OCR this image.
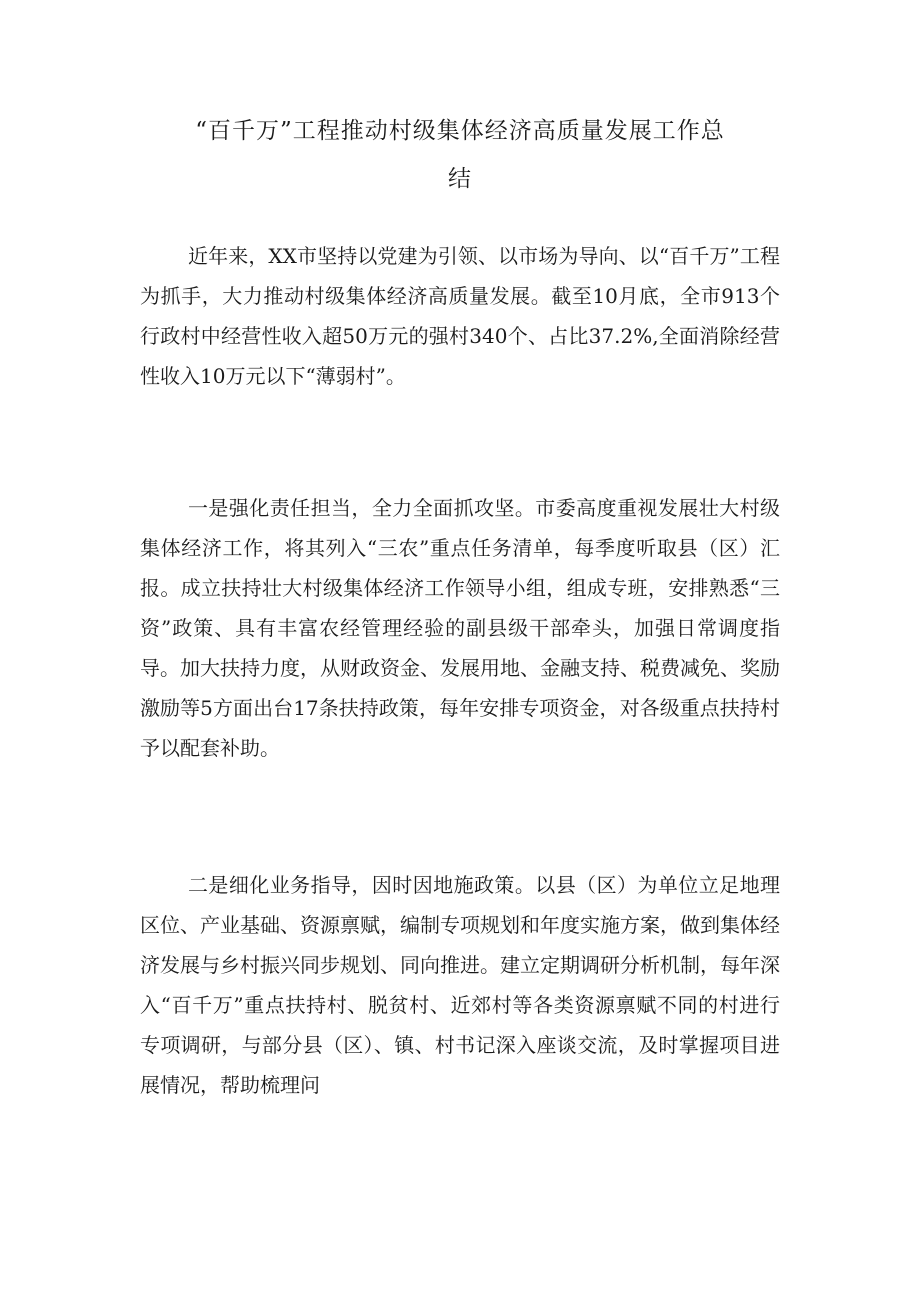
“百千万”工程推动村级集体经济高质量发展工作总
结

近年来，XX市坚持以党建为引领、以市场为导向、以“百千万”工程为抓手，大力推动村级集体经济高质量发展。截至10月底，全市913个行政村中经营性收入超50万元的强村340个、占比37.2%,全面消除经营性收入10万元以下“薄弱村”。

一是强化责任担当，全力全面抓攻坚。市委高度重视发展壮大村级集体经济工作，将其列入“三农”重点任务清单，每季度听取县（区）汇报。成立扶持壮大村级集体经济工作领导小组，组成专班，安排熟悉“三资”政策、具有丰富农经管理经验的副县级干部牵头，加强日常调度指导。加大扶持力度，从财政资金、发展用地、金融支持、税费减免、奖励激励等5方面出台17条扶持政策，每年安排专项资金，对各级重点扶持村予以配套补助。

二是细化业务指导，因时因地施政策。以县（区）为单位立足地理区位、产业基础、资源禀赋，编制专项规划和年度实施方案，做到集体经济发展与乡村振兴同步规划、同向推进。建立定期调研分析机制，每年深入“百千万”重点扶持村、脱贫村、近郊村等各类资源禀赋不同的村进行专项调研，与部分县（区）、镇、村书记深入座谈交流，及时掌握项目进展情况，帮助梳理问
